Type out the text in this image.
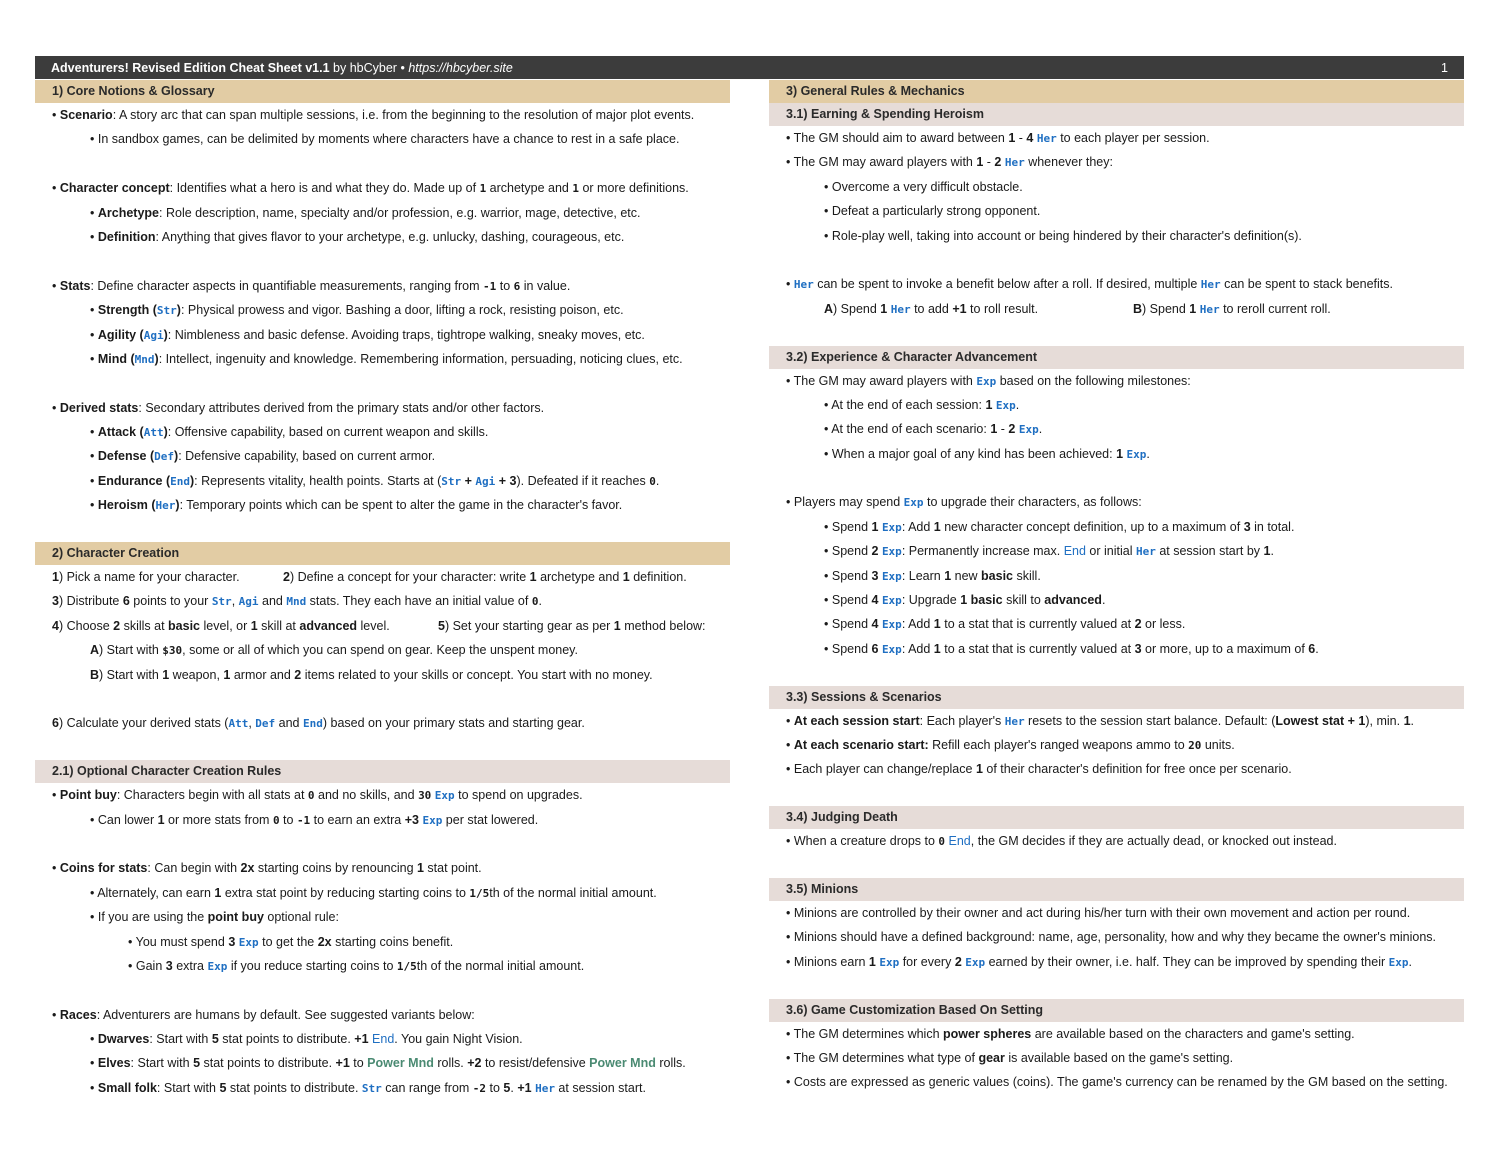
Adventurers! Revised Edition Cheat Sheet v1.1 by hbCyber • https://hbcyber.site	1
1) Core Notions & Glossary
• Scenario: A story arc that can span multiple sessions, i.e. from the beginning to the resolution of major plot events.
• In sandbox games, can be delimited by moments where characters have a chance to rest in a safe place.
• Character concept: Identifies what a hero is and what they do. Made up of 1 archetype and 1 or more definitions.
• Archetype: Role description, name, specialty and/or profession, e.g. warrior, mage, detective, etc.
• Definition: Anything that gives flavor to your archetype, e.g. unlucky, dashing, courageous, etc.
• Stats: Define character aspects in quantifiable measurements, ranging from -1 to 6 in value.
• Strength (Str): Physical prowess and vigor. Bashing a door, lifting a rock, resisting poison, etc.
• Agility (Agi): Nimbleness and basic defense. Avoiding traps, tightrope walking, sneaky moves, etc.
• Mind (Mnd): Intellect, ingenuity and knowledge. Remembering information, persuading, noticing clues, etc.
• Derived stats: Secondary attributes derived from the primary stats and/or other factors.
• Attack (Att): Offensive capability, based on current weapon and skills.
• Defense (Def): Defensive capability, based on current armor.
• Endurance (End): Represents vitality, health points. Starts at (Str + Agi + 3). Defeated if it reaches 0.
• Heroism (Her): Temporary points which can be spent to alter the game in the character's favor.
2) Character Creation
1) Pick a name for your character.	2) Define a concept for your character: write 1 archetype and 1 definition.
3) Distribute 6 points to your Str, Agi and Mnd stats. They each have an initial value of 0.
4) Choose 2 skills at basic level, or 1 skill at advanced level.	5) Set your starting gear as per 1 method below:
A) Start with $30, some or all of which you can spend on gear. Keep the unspent money.
B) Start with 1 weapon, 1 armor and 2 items related to your skills or concept. You start with no money.
6) Calculate your derived stats (Att, Def and End) based on your primary stats and starting gear.
2.1) Optional Character Creation Rules
• Point buy: Characters begin with all stats at 0 and no skills, and 30 Exp to spend on upgrades.
• Can lower 1 or more stats from 0 to -1 to earn an extra +3 Exp per stat lowered.
• Coins for stats: Can begin with 2x starting coins by renouncing 1 stat point.
• Alternately, can earn 1 extra stat point by reducing starting coins to 1/5th of the normal initial amount.
• If you are using the point buy optional rule:
• You must spend 3 Exp to get the 2x starting coins benefit.
• Gain 3 extra Exp if you reduce starting coins to 1/5th of the normal initial amount.
• Races: Adventurers are humans by default. See suggested variants below:
• Dwarves: Start with 5 stat points to distribute. +1 End. You gain Night Vision.
• Elves: Start with 5 stat points to distribute. +1 to Power Mnd rolls. +2 to resist/defensive Power Mnd rolls.
• Small folk: Start with 5 stat points to distribute. Str can range from -2 to 5. +1 Her at session start.
3) General Rules & Mechanics
3.1) Earning & Spending Heroism
• The GM should aim to award between 1 - 4 Her to each player per session.
• The GM may award players with 1 - 2 Her whenever they:
• Overcome a very difficult obstacle.
• Defeat a particularly strong opponent.
• Role-play well, taking into account or being hindered by their character's definition(s).
• Her can be spent to invoke a benefit below after a roll. If desired, multiple Her can be spent to stack benefits.
A) Spend 1 Her to add +1 to roll result.	B) Spend 1 Her to reroll current roll.
3.2) Experience & Character Advancement
• The GM may award players with Exp based on the following milestones:
• At the end of each session: 1 Exp.
• At the end of each scenario: 1 - 2 Exp.
• When a major goal of any kind has been achieved: 1 Exp.
• Players may spend Exp to upgrade their characters, as follows:
• Spend 1 Exp: Add 1 new character concept definition, up to a maximum of 3 in total.
• Spend 2 Exp: Permanently increase max. End or initial Her at session start by 1.
• Spend 3 Exp: Learn 1 new basic skill.
• Spend 4 Exp: Upgrade 1 basic skill to advanced.
• Spend 4 Exp: Add 1 to a stat that is currently valued at 2 or less.
• Spend 6 Exp: Add 1 to a stat that is currently valued at 3 or more, up to a maximum of 6.
3.3) Sessions & Scenarios
• At each session start: Each player's Her resets to the session start balance. Default: (Lowest stat + 1), min. 1.
• At each scenario start: Refill each player's ranged weapons ammo to 20 units.
• Each player can change/replace 1 of their character's definition for free once per scenario.
3.4) Judging Death
• When a creature drops to 0 End, the GM decides if they are actually dead, or knocked out instead.
3.5) Minions
• Minions are controlled by their owner and act during his/her turn with their own movement and action per round.
• Minions should have a defined background: name, age, personality, how and why they became the owner's minions.
• Minions earn 1 Exp for every 2 Exp earned by their owner, i.e. half. They can be improved by spending their Exp.
3.6) Game Customization Based On Setting
• The GM determines which power spheres are available based on the characters and game's setting.
• The GM determines what type of gear is available based on the game's setting.
• Costs are expressed as generic values (coins). The game's currency can be renamed by the GM based on the setting.
